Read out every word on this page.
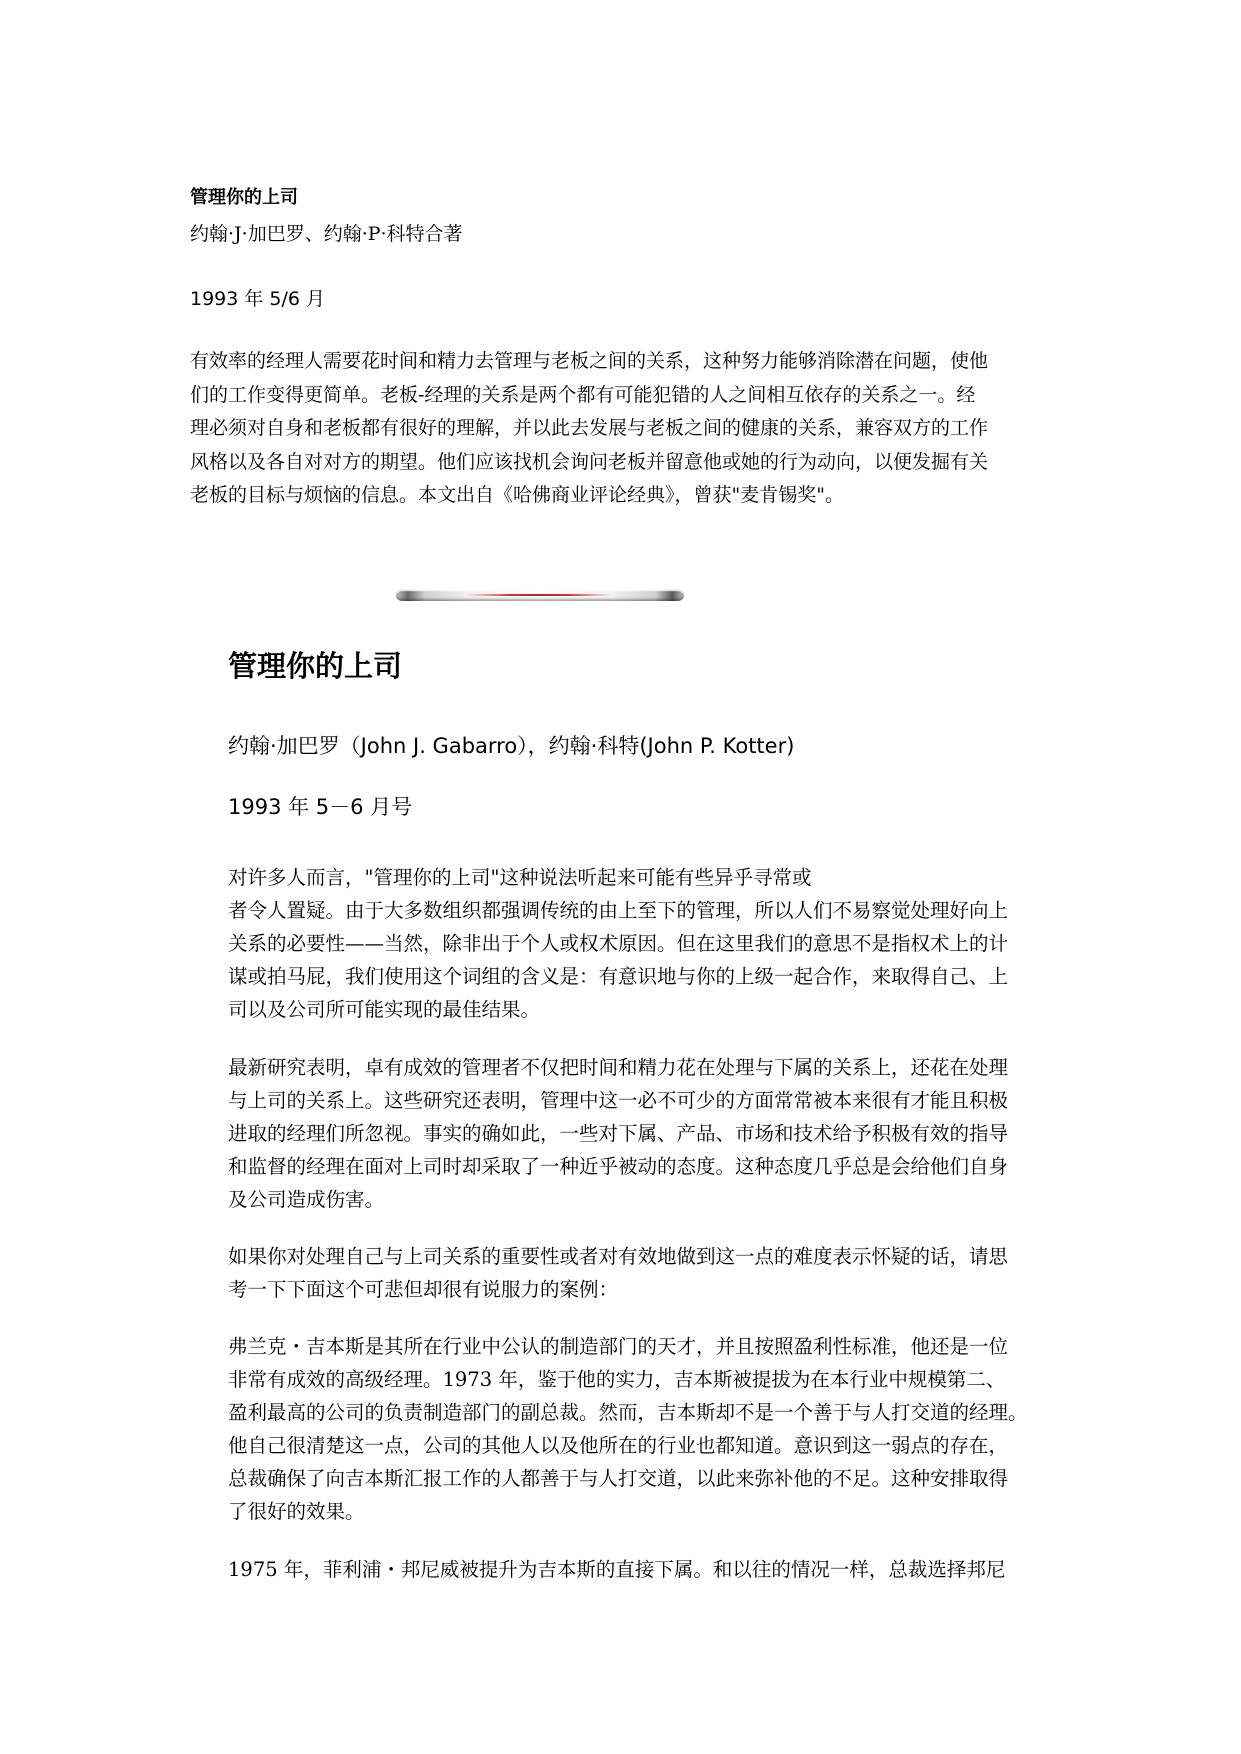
管理你的上司
约翰·J·加巴罗、约翰·P·科特合著
1993 年 5/6 月
有效率的经理人需要花时间和精力去管理与老板之间的关系，这种努力能够消除潜在问题，使他
们的工作变得更简单。老板-经理的关系是两个都有可能犯错的人之间相互依存的关系之一。经
理必须对自身和老板都有很好的理解，并以此去发展与老板之间的健康的关系，兼容双方的工作
风格以及各自对对方的期望。他们应该找机会询问老板并留意他或她的行为动向，以便发掘有关
老板的目标与烦恼的信息。本文出自《哈佛商业评论经典》，曾获"麦肯锡奖"。
管理你的上司
约翰·加巴罗（John J. Gabarro），约翰·科特(John P. Kotter)
1993 年 5－6 月号
对许多人而言，"管理你的上司"这种说法听起来可能有些异乎寻常或
者令人置疑。由于大多数组织都强调传统的由上至下的管理，所以人们不易察觉处理好向上
关系的必要性——当然，除非出于个人或权术原因。但在这里我们的意思不是指权术上的计
谋或拍马屁，我们使用这个词组的含义是：有意识地与你的上级一起合作，来取得自己、上
司以及公司所可能实现的最佳结果。
最新研究表明，卓有成效的管理者不仅把时间和精力花在处理与下属的关系上，还花在处理
与上司的关系上。这些研究还表明，管理中这一必不可少的方面常常被本来很有才能且积极
进取的经理们所忽视。事实的确如此，一些对下属、产品、市场和技术给予积极有效的指导
和监督的经理在面对上司时却采取了一种近乎被动的态度。这种态度几乎总是会给他们自身
及公司造成伤害。
如果你对处理自己与上司关系的重要性或者对有效地做到这一点的难度表示怀疑的话，请思
考一下下面这个可悲但却很有说服力的案例：
弗兰克・吉本斯是其所在行业中公认的制造部门的天才，并且按照盈利性标准，他还是一位
非常有成效的高级经理。1973 年，鉴于他的实力，吉本斯被提拔为在本行业中规模第二、
盈利最高的公司的负责制造部门的副总裁。然而，吉本斯却不是一个善于与人打交道的经理。
他自己很清楚这一点，公司的其他人以及他所在的行业也都知道。意识到这一弱点的存在，
总裁确保了向吉本斯汇报工作的人都善于与人打交道，以此来弥补他的不足。这种安排取得
了很好的效果。
1975 年，菲利浦・邦尼威被提升为吉本斯的直接下属。和以往的情况一样，总裁选择邦尼
